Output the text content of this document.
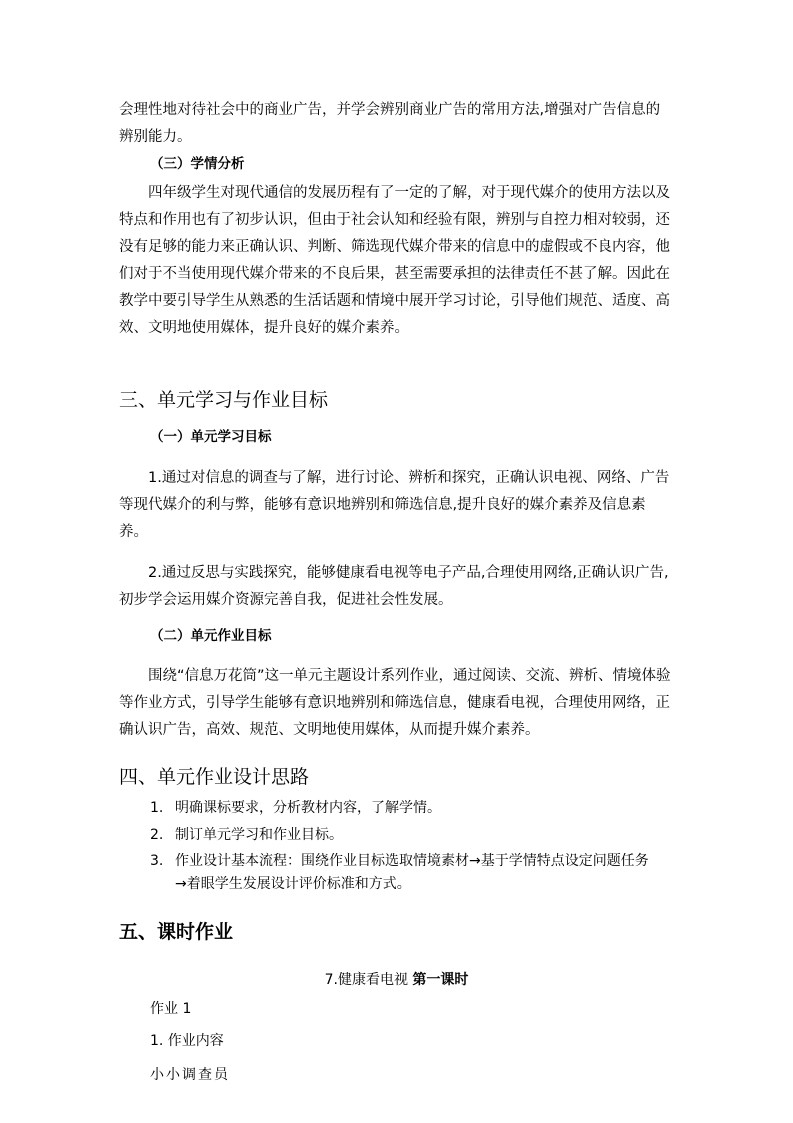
会理性地对待社会中的商业广告，并学会辨别商业广告的常用方法,增强对广告信息的辨别能力。

（三）学情分析

四年级学生对现代通信的发展历程有了一定的了解，对于现代媒介的使用方法以及特点和作用也有了初步认识，但由于社会认知和经验有限，辨别与自控力相对较弱，还没有足够的能力来正确认识、判断、筛选现代媒介带来的信息中的虚假或不良内容，他们对于不当使用现代媒介带来的不良后果，甚至需要承担的法律责任不甚了解。因此在教学中要引导学生从熟悉的生活话题和情境中展开学习讨论，引导他们规范、适度、高效、文明地使用媒体，提升良好的媒介素养。

三、单元学习与作业目标

（一）单元学习目标

1.通过对信息的调查与了解，进行讨论、辨析和探究，正确认识电视、网络、广告等现代媒介的利与弊，能够有意识地辨别和筛选信息,提升良好的媒介素养及信息素养。

2.通过反思与实践探究，能够健康看电视等电子产品,合理使用网络,正确认识广告,初步学会运用媒介资源完善自我，促进社会性发展。

（二）单元作业目标

围绕“信息万花筒”这一单元主题设计系列作业，通过阅读、交流、辨析、情境体验等作业方式，引导学生能够有意识地辨别和筛选信息，健康看电视，合理使用网络，正确认识广告，高效、规范、文明地使用媒体，从而提升媒介素养。

四、单元作业设计思路

1. 明确课标要求，分析教材内容，了解学情。
2. 制订单元学习和作业目标。
3. 作业设计基本流程：围绕作业目标选取情境素材→基于学情特点设定问题任务→着眼学生发展设计评价标准和方式。

五、课时作业

7.健康看电视 第一课时

作业 1

1. 作业内容

小小调查员
